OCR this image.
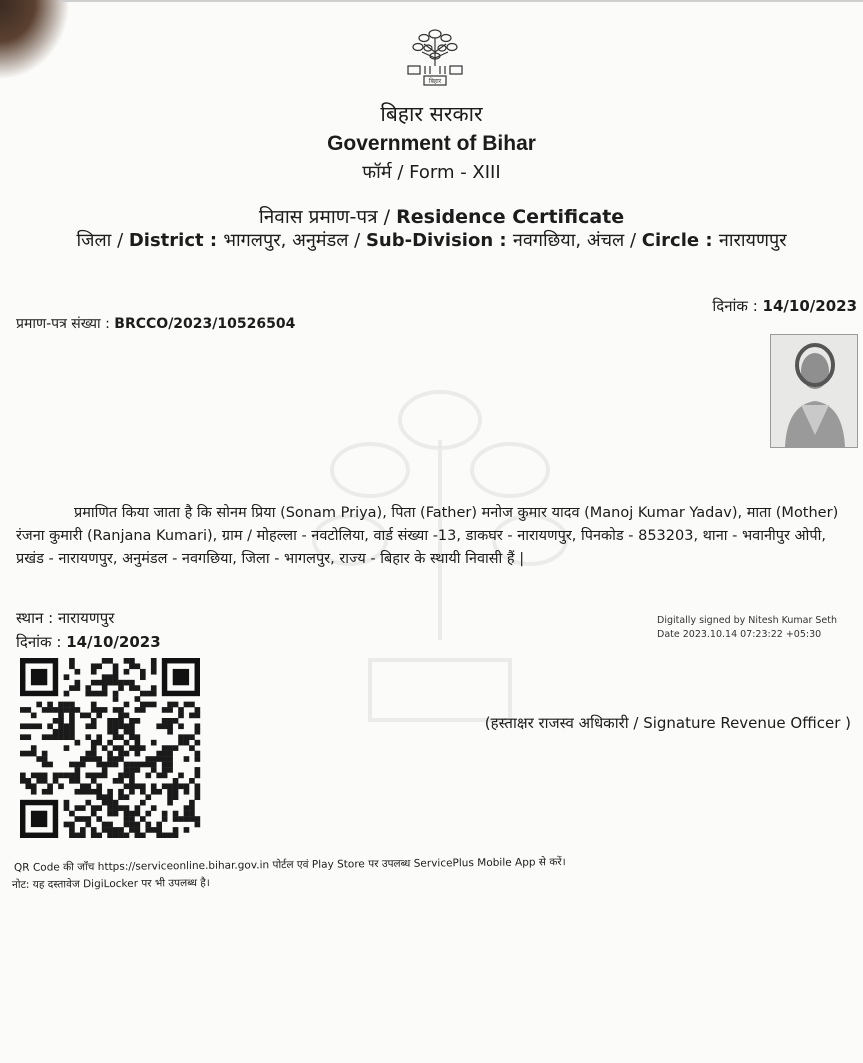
बिहार
बिहार सरकार
Government of Bihar
फॉर्म / Form - XIII
निवास प्रमाण-पत्र / Residence Certificate
जिला / District : भागलपुर, अनुमंडल / Sub-Division : नवगछिया, अंचल / Circle : नारायणपुर
प्रमाण-पत्र संख्या : BRCCO/2023/10526504
दिनांक : 14/10/2023
प्रमाणित किया जाता है कि सोनम प्रिया (Sonam Priya), पिता (Father) मनोज कुमार यादव (Manoj Kumar Yadav), माता (Mother) रंजना कुमारी (Ranjana Kumari), ग्राम / मोहल्ला - नवटोलिया, वार्ड संख्या -13, डाकघर - नारायणपुर, पिनकोड - 853203, थाना - भवानीपुर ओपी, प्रखंड - नारायणपुर, अनुमंडल - नवगछिया, जिला - भागलपुर, राज्य - बिहार के स्थायी निवासी हैं |
स्थान : नारायणपुर
दिनांक : 14/10/2023
Digitally signed by Nitesh Kumar Seth
Date 2023.10.14 07:23:22 +05:30
(हस्ताक्षर राजस्व अधिकारी / Signature Revenue Officer )
QR Code की जाँच https://serviceonline.bihar.gov.in पोर्टल एवं Play Store पर उपलब्ध ServicePlus Mobile App से करें।
नोट: यह दस्तावेज DigiLocker पर भी उपलब्ध है।
